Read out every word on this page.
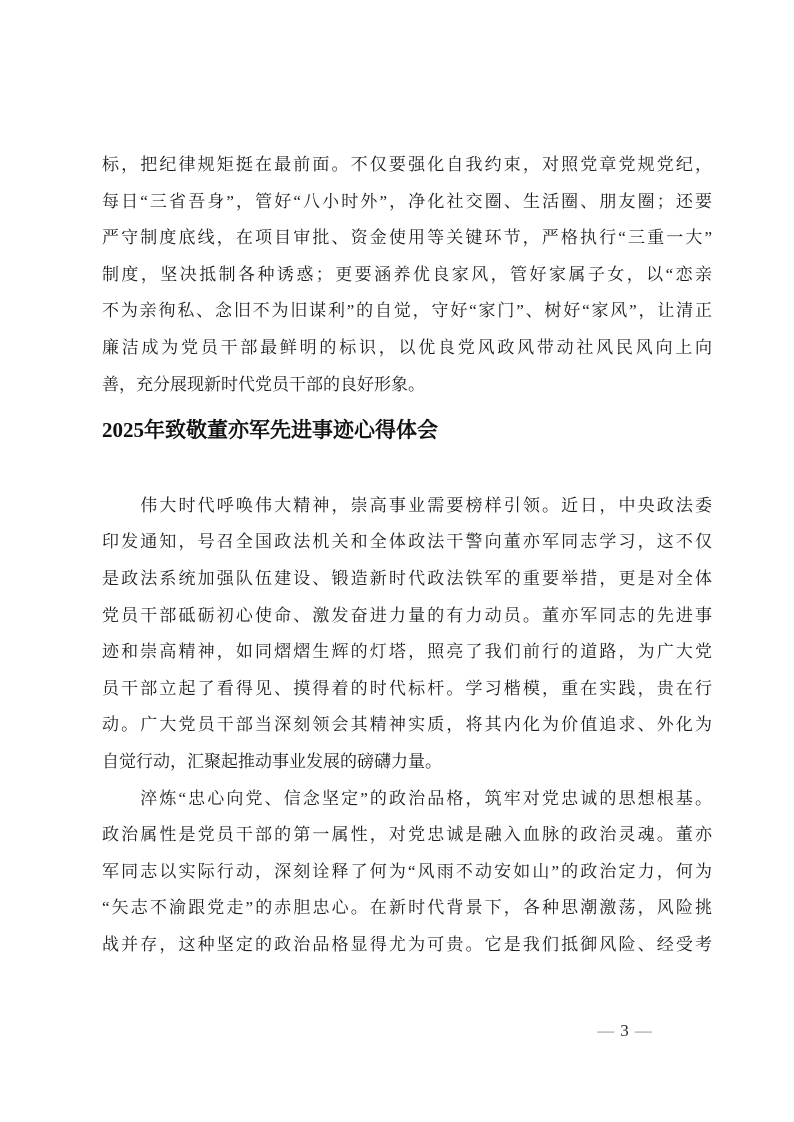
标，把纪律规矩挺在最前面。不仅要强化自我约束，对照党章党规党纪，
每日“三省吾身”，管好“八小时外”，净化社交圈、生活圈、朋友圈；还要
严守制度底线，在项目审批、资金使用等关键环节，严格执行“三重一大”
制度，坚决抵制各种诱惑；更要涵养优良家风，管好家属子女，以“恋亲
不为亲徇私、念旧不为旧谋利”的自觉，守好“家门”、树好“家风”，让清正
廉洁成为党员干部最鲜明的标识，以优良党风政风带动社风民风向上向
善，充分展现新时代党员干部的良好形象。

2025年致敬董亦军先进事迹心得体会

　　伟大时代呼唤伟大精神，崇高事业需要榜样引领。近日，中央政法委
印发通知，号召全国政法机关和全体政法干警向董亦军同志学习，这不仅
是政法系统加强队伍建设、锻造新时代政法铁军的重要举措，更是对全体
党员干部砥砺初心使命、激发奋进力量的有力动员。董亦军同志的先进事
迹和崇高精神，如同熠熠生辉的灯塔，照亮了我们前行的道路，为广大党
员干部立起了看得见、摸得着的时代标杆。学习楷模，重在实践，贵在行
动。广大党员干部当深刻领会其精神实质，将其内化为价值追求、外化为
自觉行动，汇聚起推动事业发展的磅礴力量。

　　淬炼“忠心向党、信念坚定”的政治品格，筑牢对党忠诚的思想根基。
政治属性是党员干部的第一属性，对党忠诚是融入血脉的政治灵魂。董亦
军同志以实际行动，深刻诠释了何为“风雨不动安如山”的政治定力，何为
“矢志不渝跟党走”的赤胆忠心。在新时代背景下，各种思潮激荡，风险挑
战并存，这种坚定的政治品格显得尤为可贵。它是我们抵御风险、经受考

— 3 —
